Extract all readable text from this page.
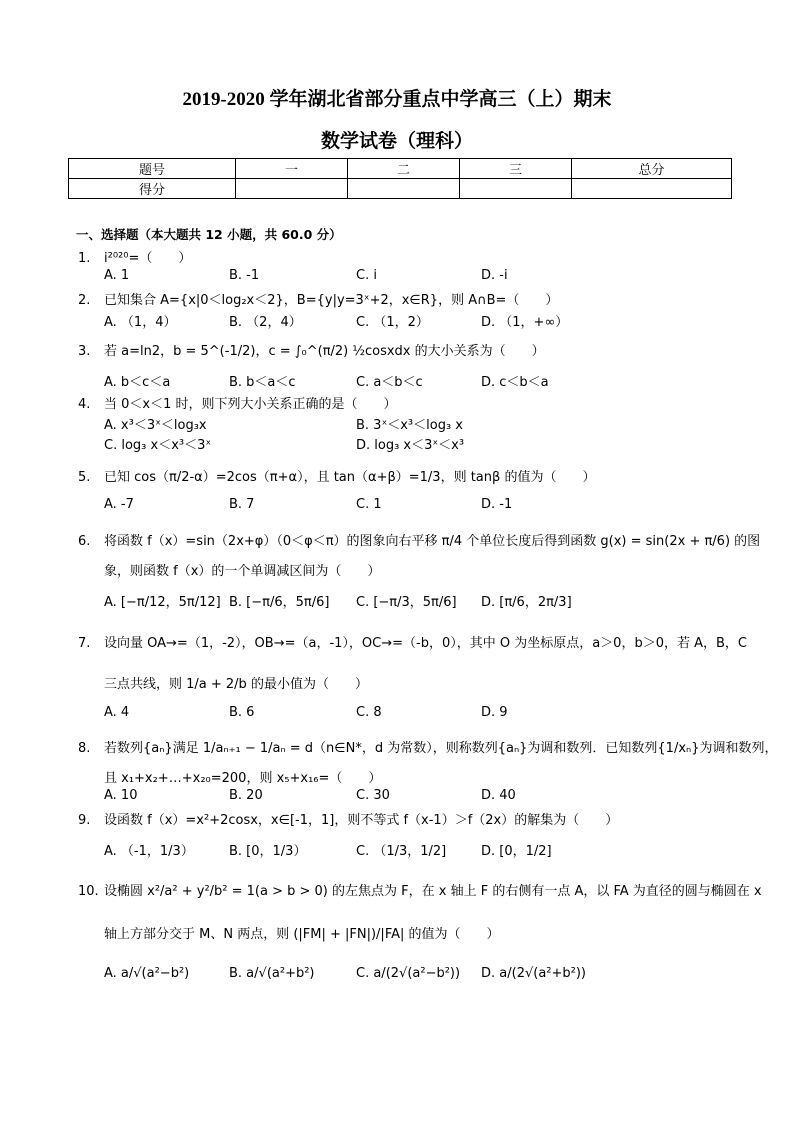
2019-2020 学年湖北省部分重点中学高三（上）期末
数学试卷（理科）
题号	一	二	三	总分
得分				
一、选择题（本大题共 12 小题，共 60.0 分）
1. i²⁰²⁰=（　　）
A. 1	B. -1	C. i	D. -i
2. 已知集合 A={x|0＜log₂x＜2}，B={y|y=3ˣ+2，x∈R}，则 A∩B=（　　）
A. （1，4）	B. （2，4）	C. （1，2）	D. （1，+∞）
3. 若 a=ln2，b = 5^(-1/2)，c = ∫₀^(π/2) ½cosxdx 的大小关系为（　　）
A. b＜c＜a	B. b＜a＜c	C. a＜b＜c	D. c＜b＜a
4. 当 0＜x＜1 时，则下列大小关系正确的是（　　）
A. x³＜3ˣ＜log₃x	B. 3ˣ＜x³＜log₃ x
C. log₃ x＜x³＜3ˣ	D. log₃ x＜3ˣ＜x³
5. 已知 cos（π/2-α）=2cos（π+α），且 tan（α+β）=1/3，则 tanβ 的值为（　　）
A. -7	B. 7	C. 1	D. -1
6. 将函数 f（x）=sin（2x+φ）（0＜φ＜π）的图象向右平移 π/4 个单位长度后得到函数 g(x) = sin(2x + π/6) 的图
象，则函数 f（x）的一个单调减区间为（　　）
A. [−π/12，5π/12] B. [−π/6，5π/6] C. [−π/3，5π/6] D. [π/6，2π/3]
7. 设向量 OA→=（1，-2），OB→=（a，-1），OC→=（-b，0），其中 O 为坐标原点，a＞0，b＞0，若 A，B，C
三点共线，则 1/a + 2/b 的最小值为（　　）
A. 4	B. 6	C. 8	D. 9
8. 若数列{aₙ}满足 1/aₙ₊₁ − 1/aₙ = d（n∈N*，d 为常数），则称数列{aₙ}为调和数列．已知数列{1/xₙ}为调和数列，
且 x₁+x₂+…+x₂₀=200，则 x₅+x₁₆=（　　）
A. 10	B. 20	C. 30	D. 40
9. 设函数 f（x）=x²+2cosx，x∈[-1，1]，则不等式 f（x-1）＞f（2x）的解集为（　　）
A. （-1，1/3）	B. [0，1/3）	C. （1/3，1/2]	D. [0，1/2]
10. 设椭圆 x²/a² + y²/b² = 1(a > b > 0) 的左焦点为 F，在 x 轴上 F 的右侧有一点 A，以 FA 为直径的圆与椭圆在 x
轴上方部分交于 M、N 两点，则 (|FM| + |FN|)/|FA| 的值为（　　）
A. a/√(a²−b²)	B. a/√(a²+b²)	C. a/(2√(a²−b²)) D. a/(2√(a²+b²))
